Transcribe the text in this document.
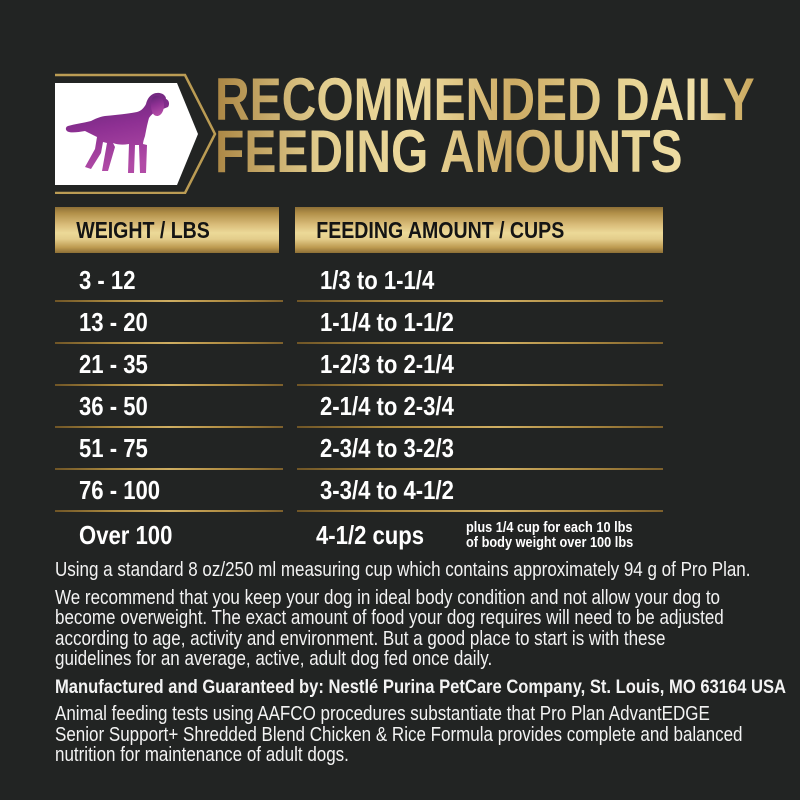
RECOMMENDED DAILY
FEEDING AMOUNTS
WEIGHT / LBS	FEEDING AMOUNT / CUPS
3 - 12	1/3 to 1-1/4
13 - 20	1-1/4 to 1-1/2
21 - 35	1-2/3 to 2-1/4
36 - 50	2-1/4 to 2-3/4
51 - 75	2-3/4 to 3-2/3
76 - 100	3-3/4 to 4-1/2
Over 100	4-1/2 cups	plus 1/4 cup for each 10 lbs
of body weight over 100 lbs

Using a standard 8 oz/250 ml measuring cup which contains approximately 94 g of Pro Plan.

We recommend that you keep your dog in ideal body condition and not allow your dog to become overweight. The exact amount of food your dog requires will need to be adjusted according to age, activity and environment. But a good place to start is with these guidelines for an average, active, adult dog fed once daily.

Manufactured and Guaranteed by: Nestlé Purina PetCare Company, St. Louis, MO 63164 USA

Animal feeding tests using AAFCO procedures substantiate that Pro Plan AdvantEDGE Senior Support+ Shredded Blend Chicken & Rice Formula provides complete and balanced nutrition for maintenance of adult dogs.
